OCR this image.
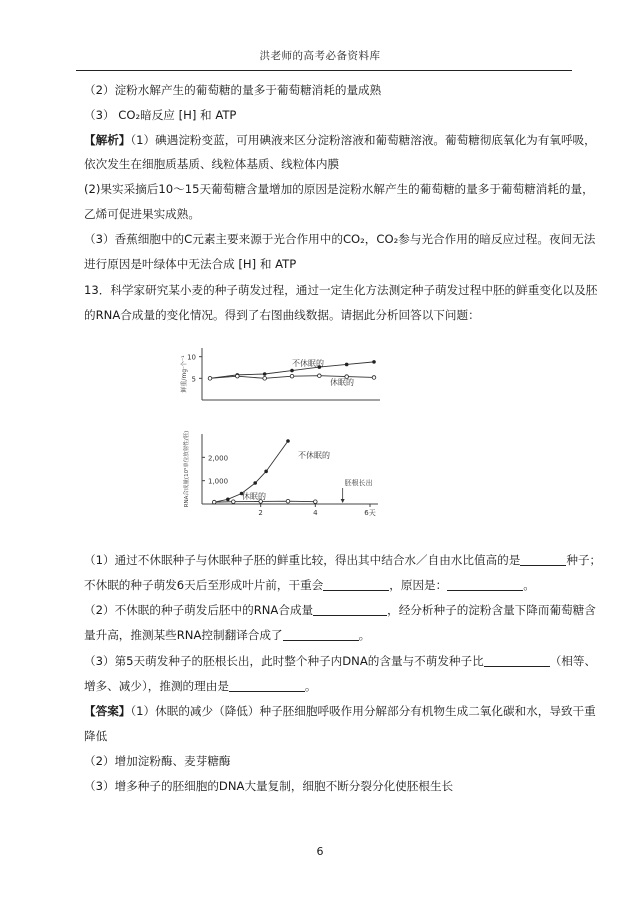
洪老师的高考必备资料库
（2）淀粉水解产生的葡萄糖的量多于葡萄糖消耗的量成熟
（3） CO₂暗反应 [H] 和 ATP
【解析】（1）碘遇淀粉变蓝，可用碘液来区分淀粉溶液和葡萄糖溶液。葡萄糖彻底氧化为有氧呼吸，
依次发生在细胞质基质、线粒体基质、线粒体内膜
(2)果实采摘后10～15天葡萄糖含量增加的原因是淀粉水解产生的葡萄糖的量多于葡萄糖消耗的量，
乙烯可促进果实成熟。
（3）香蕉细胞中的C元素主要来源于光合作用中的CO₂，CO₂参与光合作用的暗反应过程。夜间无法
进行原因是叶绿体中无法合成 [H] 和 ATP
13．科学家研究某小麦的种子萌发过程，通过一定生化方法测定种子萌发过程中胚的鲜重变化以及胚
的RNA合成量的变化情况。得到了右图曲线数据。请据此分析回答以下问题：
5
10
鲜重/mg·个⁻¹	不休眠的
休眠的
1,000
2,000
2	4	6天
RNA合成量(10⁵单位放射性/胚)	不休眠的
休眠的
胚根长出
（1）通过不休眠种子与休眠种子胚的鲜重比较，得出其中结合水／自由水比值高的是	种子；
不休眠的种子萌发6天后至形成叶片前，干重会	，原因是：	。
（2）不休眠的种子萌发后胚中的RNA合成量	，经分析种子的淀粉含量下降而葡萄糖含
量升高，推测某些RNA控制翻译合成了	。
（3）第5天萌发种子的胚根长出，此时整个种子内DNA的含量与不萌发种子比	（相等、
增多、减少），推测的理由是	。
【答案】（1）休眠的减少（降低）种子胚细胞呼吸作用分解部分有机物生成二氧化碳和水，导致干重
降低
（2）增加淀粉酶、麦芽糖酶
（3）增多种子的胚细胞的DNA大量复制，细胞不断分裂分化使胚根生长
6
